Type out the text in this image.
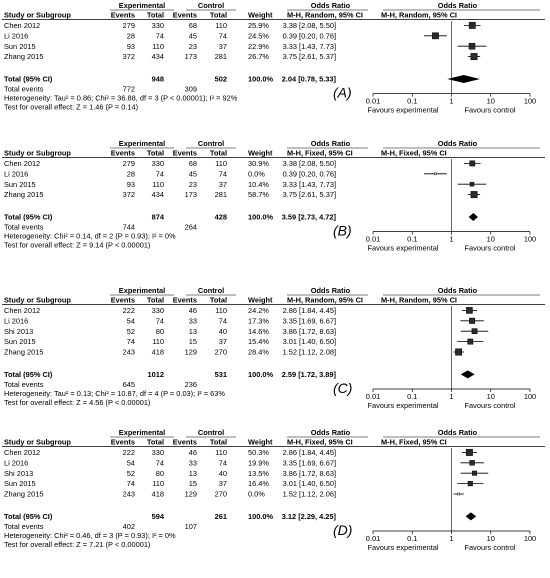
Experimental	Control	Odds Ratio	Odds Ratio
Study or Subgroup	Events Total Events Total	Weight M-H, Random, 95% CI M-H, Random, 95% CI
Chen 2012	279 330	68 110	25.9% 3.38 [2.08, 5.50]
Li 2016	28	74	45	74	24.5% 0.39 [0.20, 0.76]
Sun 2015	93 110	23	37	22.9% 3.33 [1.43, 7.73]
Zhang 2015	372 434	173 281	26.7% 3.75 [2.61, 5.37]
Total (95% CI)	948	502	100.0% 2.04 [0.78, 5.33]
Total events	772	309
Heterogeneity: Tau² = 0.86; Chi² = 36.88, df = 3 (P < 0.00001); I² = 92%
Test for overall effect: Z = 1.46 (P = 0.14)
(A)
0.01	0.1	1	10	100
Favours experimental	Favours control
Experimental	Control	Odds Ratio	Odds Ratio
Study or Subgroup	Events Total Events Total	Weight M-H, Fixed, 95% CI	M-H, Fixed, 95% CI
Chen 2012	279 330	68 110	30.9% 3.38 [2.08, 5.50]
Li 2016	28	74	45	74	0.0% 0.39 [0.20, 0.76]
Sun 2015	93 110	23	37	10.4% 3.33 [1.43, 7.73]
Zhang 2015	372 434	173 281	58.7% 3.75 [2.61, 5.37]
Total (95% CI)	874	428	100.0% 3.59 [2.73, 4.72]
Total events	744	264
Heterogeneity: Chi² = 0.14, df = 2 (P = 0.93); I² = 0%
Test for overall effect: Z = 9.14 (P < 0.00001)
(B)
0.01	0.1	1	10	100
Favours experimental	Favours control
Experimental	Control	Odds Ratio	Odds Ratio
Study or Subgroup	Events Total Events Total	Weight M-H, Random, 95% CI M-H, Random, 95% CI
Chen 2012	222 330	46 110	24.2% 2.86 [1.84, 4.45]
Li 2016	54	74	33	74	17.3% 3.35 [1.69, 6.67]
Shi 2013	52	80	13	40	14.6% 3.86 [1.72, 8.63]
Sun 2015	74 110	15	37	15.4% 3.01 [1.40, 6.50]
Zhang 2015	243 418	129 270	28.4% 1.52 [1.12, 2.08]
Total (95% CI)	1012	531	100.0% 2.59 [1.72, 3.89]
Total events	645	236
Heterogeneity: Tau² = 0.13; Chi² = 10.87, df = 4 (P = 0.03); I² = 63%
Test for overall effect: Z = 4.56 (P < 0.00001)
(C)
0.01	0.1	1	10	100
Favours experimental	Favours control
Experimental	Control	Odds Ratio	Odds Ratio
Study or Subgroup	Events Total Events Total	Weight M-H, Fixed, 95% CI	M-H, Fixed, 95% CI
Chen 2012	222 330	46 110	50.3% 2.86 [1.84, 4.45]
Li 2016	54	74	33	74	19.9% 3.35 [1.69, 6.67]
Shi 2013	52	80	13	40	13.5% 3.86 [1.72, 8.63]
Sun 2015	74 110	15	37	16.4% 3.01 [1.40, 6.50]
Zhang 2015	243 418	129 270	0.0% 1.52 [1.12, 2.06]
Total (95% CI)	594	261	100.0% 3.12 [2.29, 4.25]
Total events	402	107
Heterogeneity: Chi² = 0.46, df = 3 (P = 0.93); I² = 0%
Test for overall effect: Z = 7.21 (P < 0.00001)
(D)
0.01	0.1	1	10	100
Favours experimental	Favours control
